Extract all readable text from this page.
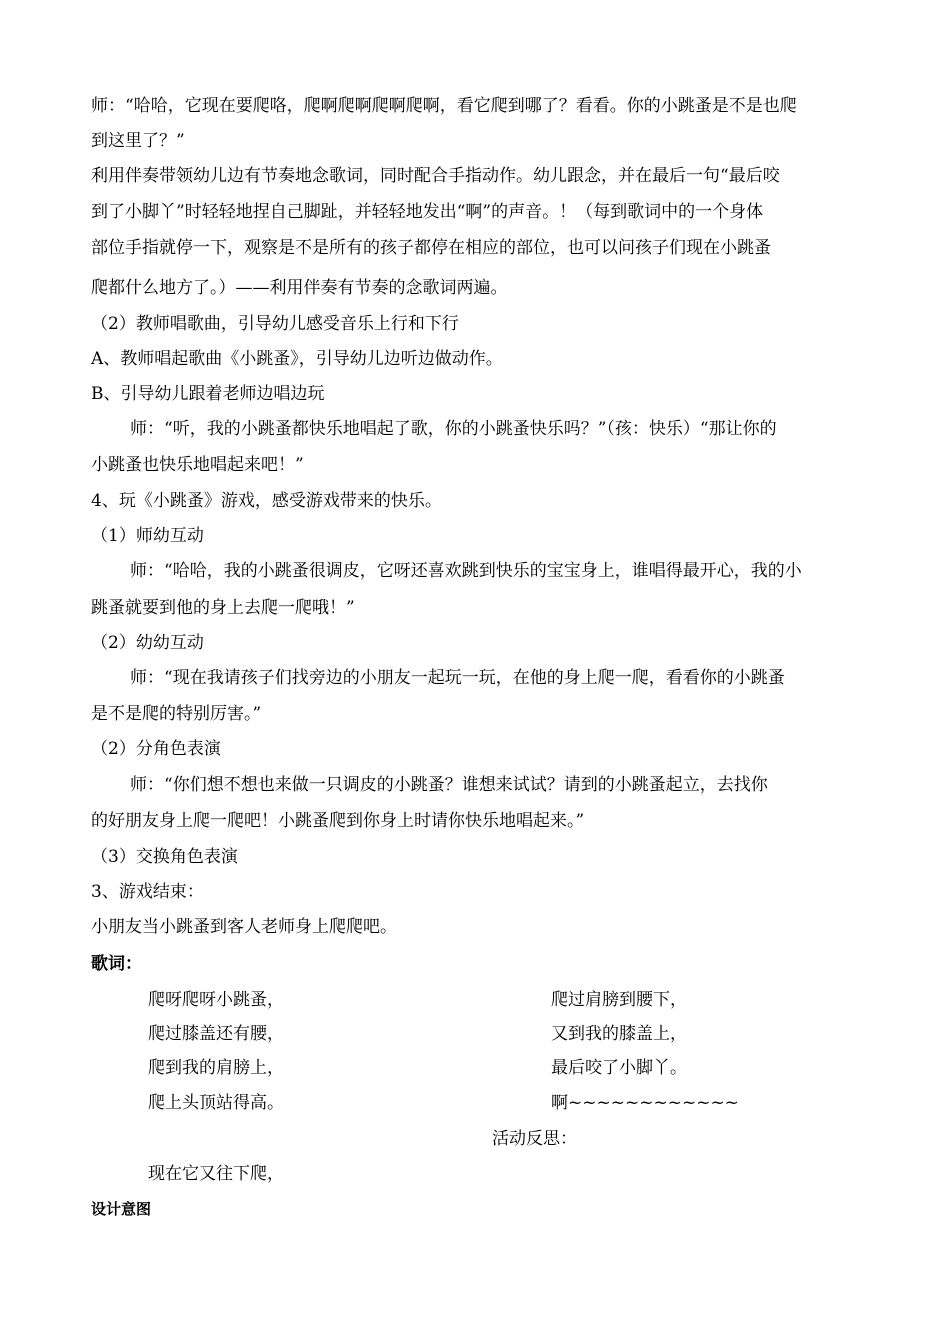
师：“哈哈，它现在要爬咯，爬啊爬啊爬啊爬啊，看它爬到哪了？看看。你的小跳蚤是不是也爬
到这里了？”
利用伴奏带领幼儿边有节奏地念歌词，同时配合手指动作。幼儿跟念，并在最后一句“最后咬
到了小脚丫”时轻轻地捏自己脚趾，并轻轻地发出“啊”的声音。！（每到歌词中的一个身体
部位手指就停一下，观察是不是所有的孩子都停在相应的部位，也可以问孩子们现在小跳蚤
爬都什么地方了。）——利用伴奏有节奏的念歌词两遍。
（2）教师唱歌曲，引导幼儿感受音乐上行和下行
A、教师唱起歌曲《小跳蚤》，引导幼儿边听边做动作。
B、引导幼儿跟着老师边唱边玩
师：“听，我的小跳蚤都快乐地唱起了歌，你的小跳蚤快乐吗？”（孩：快乐）“那让你的
小跳蚤也快乐地唱起来吧！”
4、玩《小跳蚤》游戏，感受游戏带来的快乐。
（1）师幼互动
师：“哈哈，我的小跳蚤很调皮，它呀还喜欢跳到快乐的宝宝身上，谁唱得最开心，我的小
跳蚤就要到他的身上去爬一爬哦！”
（2）幼幼互动
师：“现在我请孩子们找旁边的小朋友一起玩一玩，在他的身上爬一爬，看看你的小跳蚤
是不是爬的特别厉害。”
（2）分角色表演
师：“你们想不想也来做一只调皮的小跳蚤？谁想来试试？请到的小跳蚤起立，去找你
的好朋友身上爬一爬吧！小跳蚤爬到你身上时请你快乐地唱起来。”
（3）交换角色表演
3、游戏结束：
小朋友当小跳蚤到客人老师身上爬爬吧。
歌词：
爬呀爬呀小跳蚤，
爬过膝盖还有腰，
爬到我的肩膀上，
爬上头顶站得高。
爬过肩膀到腰下，
又到我的膝盖上，
最后咬了小脚丫。
啊~~~~~~~~~~~~
活动反思：
现在它又往下爬，
设计意图
